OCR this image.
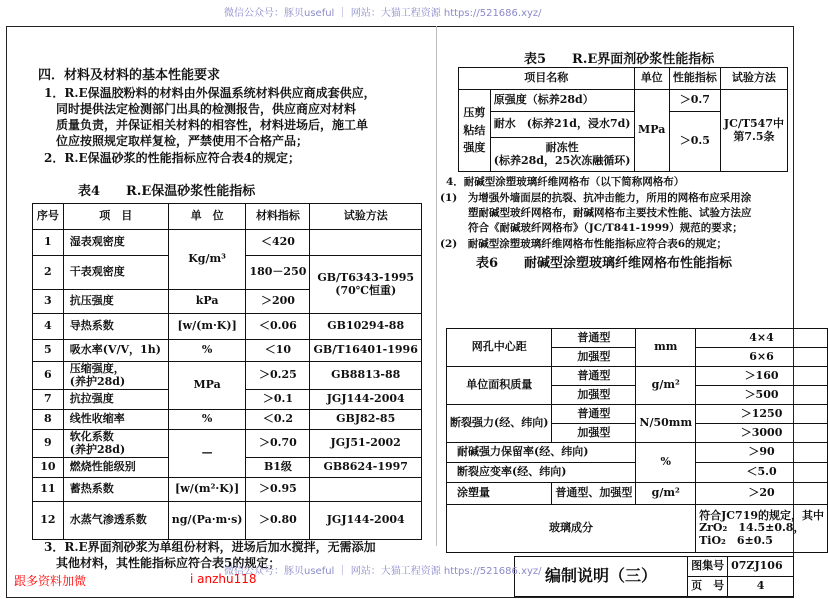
微信公众号：豚贝useful ｜ 网站：大猫工程资源 https://521686.xyz/
四．材料及材料的基本性能要求
1．R.E保温胶粉料的材料由外保温系统材料供应商成套供应，
同时提供法定检测部门出具的检测报告，供应商应对材料
质量负责，并保证相关材料的相容性，材料进场后，施工单
位应按照规定取样复检，严禁使用不合格产品；
2．R.E保温砂浆的性能指标应符合表4的规定；
表4　　R.E保温砂浆性能指标
序号	项　目	单　位	材料指标	试验方法
1	湿表观密度	Kg/m³	＜420	
2	干表观密度		180－250	GB/T6343-1995
(70℃恒重)

3	抗压强度	kPa	＞200	
4	导热系数	[w/(m·K)]	＜0.06	GB10294-88
5	吸水率(V/V，1h)	%	＜10	GB/T16401-1996
6	压缩强度，
(养护28d)	MPa	＞0.25	GB8813-88
7	抗拉强度		＞0.1	JGJ144-2004
8	线性收缩率	%	＜0.2	GBJ82-85
9	软化系数
(养护28d)	—	＞0.70	JGJ51-2002
10	燃烧性能级别		B1级	GB8624-1997
11	蓄热系数	[w/(m²·K)]	＞0.95	
12	水蒸气渗透系数	ng/(Pa·m·s)	＞0.80	JGJ144-2004
3．R.E界面剂砂浆为单组份材料，进场后加水搅拌，无需添加
其他材料，其性能指标应符合表5的规定；
表5　　R.E界面剂砂浆性能指标
项目名称		单位	性能指标	试验方法
压剪粘结强度	原强度（标养28d）	MPa	＞0.7	JC/T547中
第7.5条

	耐水　(标养21d，浸水7d)		＞0.5	

	耐冻性
(标养28d，25次冻融循环)			
4．耐碱型涂塑玻璃纤维网格布（以下简称网格布）
(1)　为增强外墙面层的抗裂、抗冲击能力，所用的网格布应采用涂
塑耐碱型玻纤网格布，耐碱网格布主要技术性能、试验方法应
符合《耐碱玻纤网格布》（JC/T841-1999）规范的要求；
(2)　耐碱型涂塑玻璃纤维网格布性能指标应符合表6的规定；
表6　　耐碱型涂塑玻璃纤维网格布性能指标
网孔中心距	普通型	mm	4×4
	加强型		6×6
单位面积质量	普通型	g/m²	＞160
	加强型		＞500
断裂强力(经、纬向)	普通型	N/50mm	＞1250
	加强型		＞3000
耐碱强力保留率(经、纬向)		%	＞90
断裂应变率(经、纬向)			＜5.0
涂塑量	普通型、加强型	g/m²	＞20
玻璃成分			符合JC719的规定，其中
ZrO₂　14.5±0.8，
TiO₂　6±0.5
编制说明（三）	图集号	07ZJ106
	页　号	4
微信公众号：豚贝useful ｜ 网站：大猫工程资源 https://521686.xyz/
跟多资料加微	i anzhu118
